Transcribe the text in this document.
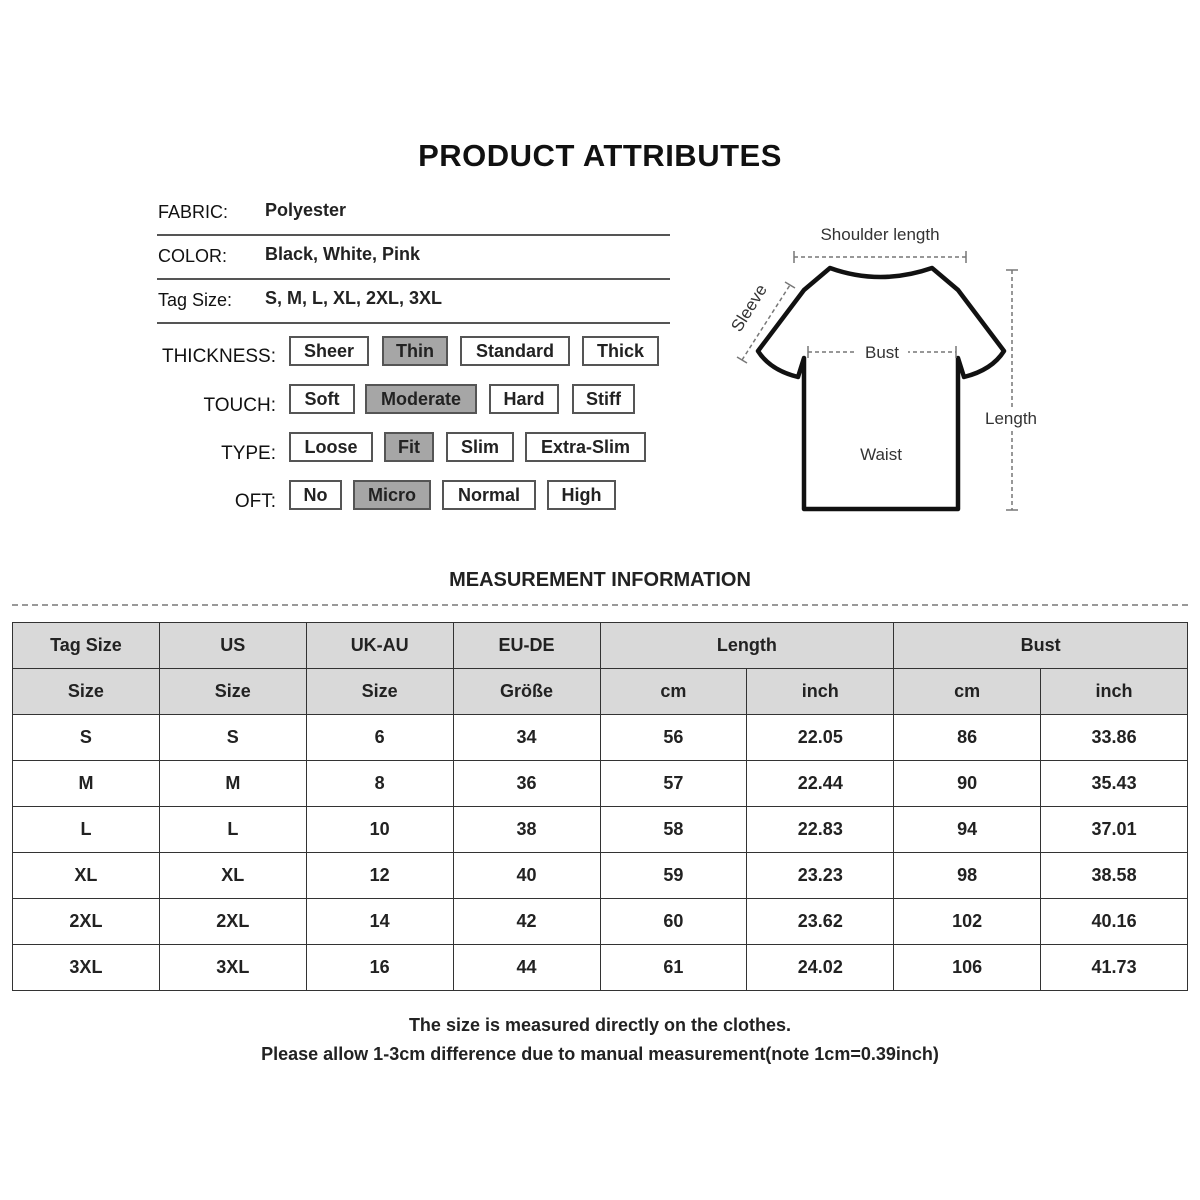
PRODUCT ATTRIBUTES
FABRIC: Polyester
COLOR: Black, White, Pink
Tag Size: S, M, L, XL, 2XL, 3XL
THICKNESS:	Sheer	Thin	Standard	Thick
TOUCH:	Soft	Moderate	Hard	Stiff
TYPE:	Loose	Fit	Slim	Extra-Slim
OFT:	No	Micro	Normal	High
Shoulder length
Sleeve
Bust
Length
Waist
MEASUREMENT INFORMATION
Tag Size	US	UK-AU	EU-DE	Length		Bust	
Size	Size	Size	Größe	cm	inch	cm	inch
S	S	6	34	56	22.05	86	33.86
M	M	8	36	57	22.44	90	35.43
L	L	10	38	58	22.83	94	37.01
XL	XL	12	40	59	23.23	98	38.58
2XL	2XL	14	42	60	23.62	102	40.16
3XL	3XL	16	44	61	24.02	106	41.73
The size is measured directly on the clothes.
Please allow 1-3cm difference due to manual measurement(note 1cm=0.39inch)
